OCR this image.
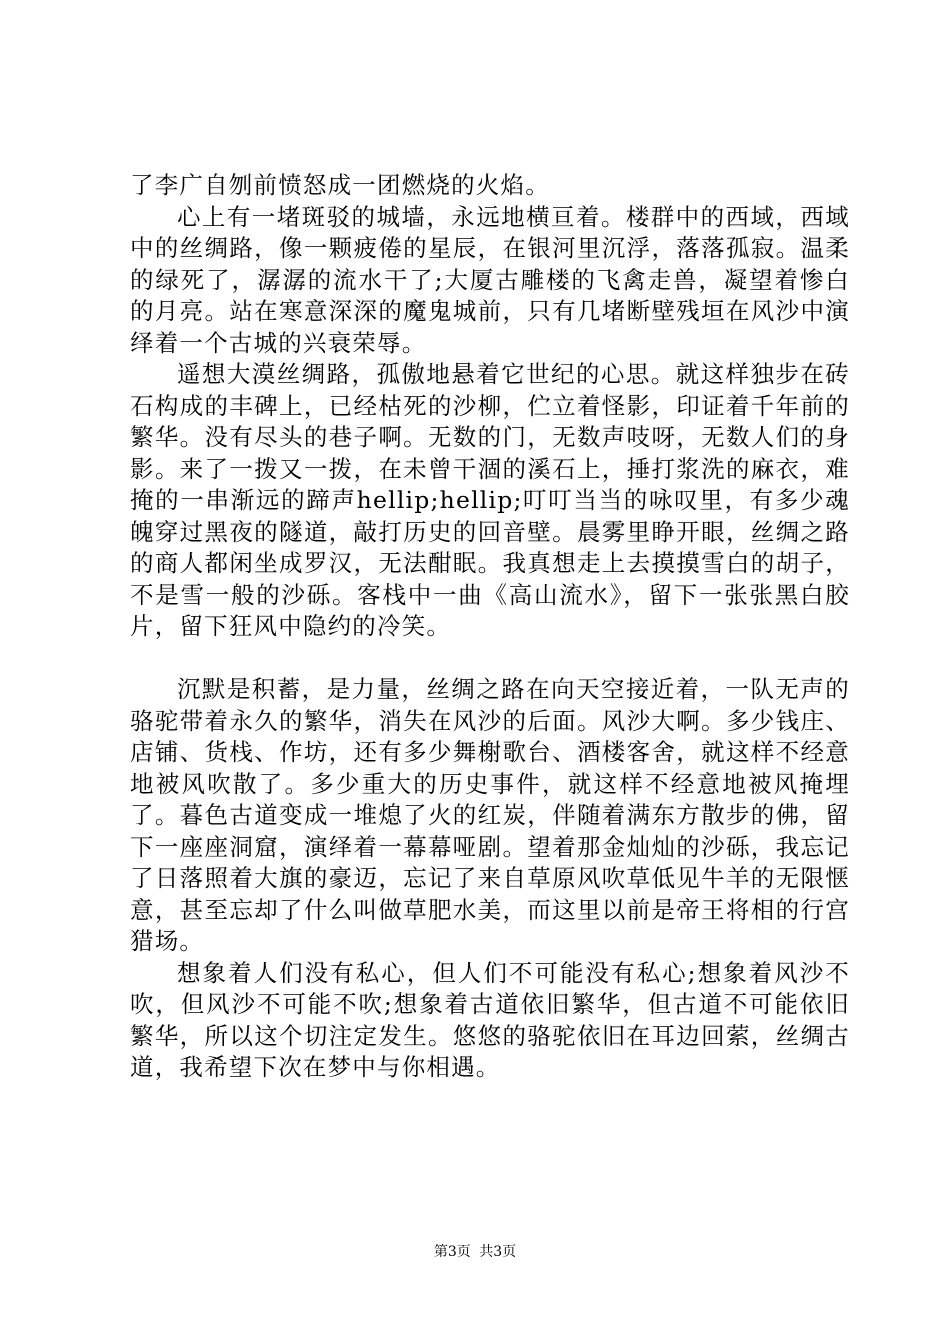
了李广自刎前愤怒成一团燃烧的火焰。

心上有一堵斑驳的城墙，永远地横亘着。楼群中的西域，西域中的丝绸路，像一颗疲倦的星辰，在银河里沉浮，落落孤寂。温柔的绿死了，潺潺的流水干了;大厦古雕楼的飞禽走兽，凝望着惨白的月亮。站在寒意深深的魔鬼城前，只有几堵断壁残垣在风沙中演绎着一个古城的兴衰荣辱。

遥想大漠丝绸路，孤傲地悬着它世纪的心思。就这样独步在砖石构成的丰碑上，已经枯死的沙柳，伫立着怪影，印证着千年前的繁华。没有尽头的巷子啊。无数的门，无数声吱呀，无数人们的身影。来了一拨又一拨，在未曾干涸的溪石上，捶打浆洗的麻衣，难掩的一串渐远的蹄声hellip;hellip;叮叮当当的咏叹里，有多少魂魄穿过黑夜的隧道，敲打历史的回音壁。晨雾里睁开眼，丝绸之路的商人都闲坐成罗汉，无法酣眠。我真想走上去摸摸雪白的胡子，不是雪一般的沙砾。客栈中一曲《高山流水》，留下一张张黑白胶片，留下狂风中隐约的冷笑。

沉默是积蓄，是力量，丝绸之路在向天空接近着，一队无声的骆驼带着永久的繁华，消失在风沙的后面。风沙大啊。多少钱庄、店铺、货栈、作坊，还有多少舞榭歌台、酒楼客舍，就这样不经意地被风吹散了。多少重大的历史事件，就这样不经意地被风掩埋了。暮色古道变成一堆熄了火的红炭，伴随着满东方散步的佛，留下一座座洞窟，演绎着一幕幕哑剧。望着那金灿灿的沙砾，我忘记了日落照着大旗的豪迈，忘记了来自草原风吹草低见牛羊的无限惬意，甚至忘却了什么叫做草肥水美，而这里以前是帝王将相的行宫猎场。

想象着人们没有私心，但人们不可能没有私心;想象着风沙不吹，但风沙不可能不吹;想象着古道依旧繁华，但古道不可能依旧繁华，所以这个切注定发生。悠悠的骆驼依旧在耳边回萦，丝绸古道，我希望下次在梦中与你相遇。

第3页 共3页
